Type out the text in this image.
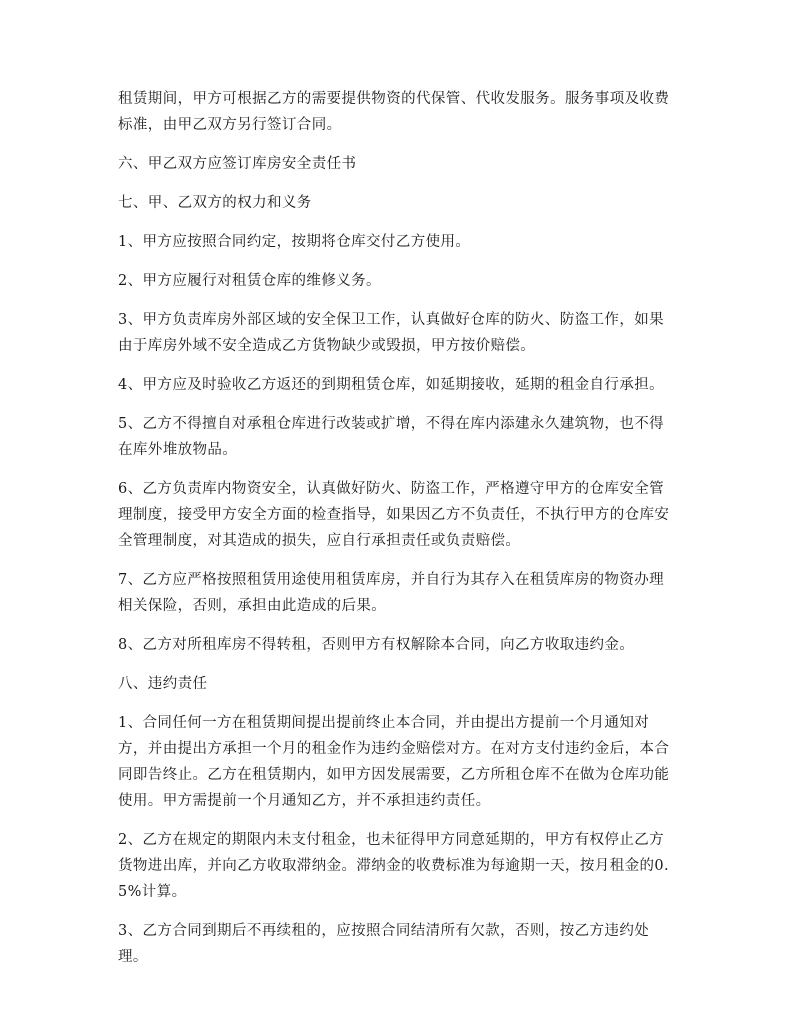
租赁期间，甲方可根据乙方的需要提供物资的代保管、代收发服务。服务事项及收费标准，由甲乙双方另行签订合同。

六、甲乙双方应签订库房安全责任书

七、甲、乙双方的权力和义务

1、甲方应按照合同约定，按期将仓库交付乙方使用。

2、甲方应履行对租赁仓库的维修义务。

3、甲方负责库房外部区域的安全保卫工作，认真做好仓库的防火、防盗工作，如果由于库房外域不安全造成乙方货物缺少或毁损，甲方按价赔偿。

4、甲方应及时验收乙方返还的到期租赁仓库，如延期接收，延期的租金自行承担。

5、乙方不得擅自对承租仓库进行改装或扩增，不得在库内添建永久建筑物，也不得在库外堆放物品。

6、乙方负责库内物资安全，认真做好防火、防盗工作，严格遵守甲方的仓库安全管理制度，接受甲方安全方面的检查指导，如果因乙方不负责任，不执行甲方的仓库安全管理制度，对其造成的损失，应自行承担责任或负责赔偿。

7、乙方应严格按照租赁用途使用租赁库房，并自行为其存入在租赁库房的物资办理相关保险，否则，承担由此造成的后果。

8、乙方对所租库房不得转租，否则甲方有权解除本合同，向乙方收取违约金。

八、违约责任

1、合同任何一方在租赁期间提出提前终止本合同，并由提出方提前一个月通知对方，并由提出方承担一个月的租金作为违约金赔偿对方。在对方支付违约金后，本合同即告终止。乙方在租赁期内，如甲方因发展需要，乙方所租仓库不在做为仓库功能使用。甲方需提前一个月通知乙方，并不承担违约责任。

2、乙方在规定的期限内未支付租金，也未征得甲方同意延期的，甲方有权停止乙方货物进出库，并向乙方收取滞纳金。滞纳金的收费标准为每逾期一天，按月租金的0.5%计算。

3、乙方合同到期后不再续租的，应按照合同结清所有欠款，否则，按乙方违约处理。
